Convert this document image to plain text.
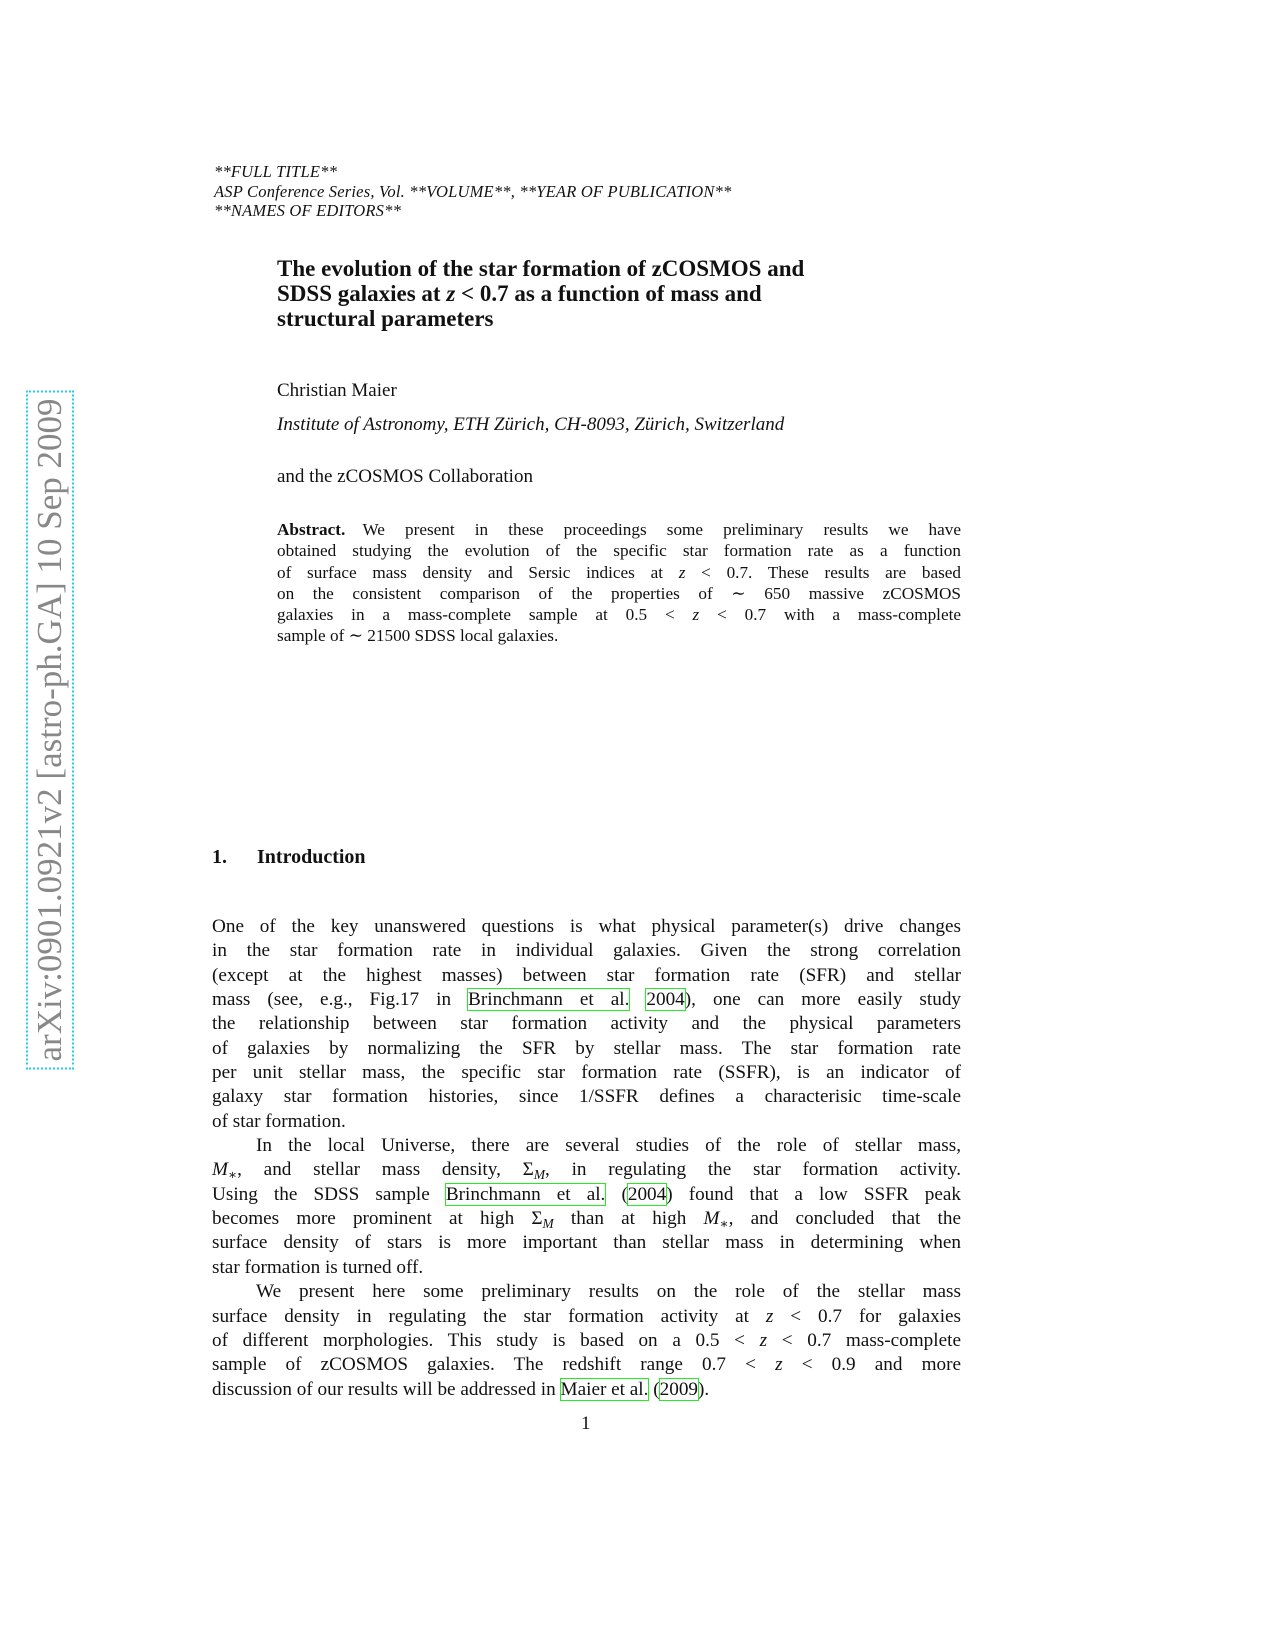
arXiv:0901.0921v2 [astro-ph.GA] 10 Sep 2009
**FULL TITLE**
ASP Conference Series, Vol. **VOLUME**, **YEAR OF PUBLICATION**
**NAMES OF EDITORS**
The evolution of the star formation of zCOSMOS and
SDSS galaxies at z < 0.7 as a function of mass and
structural parameters
Christian Maier
Institute of Astronomy, ETH Zürich, CH-8093, Zürich, Switzerland
and the zCOSMOS Collaboration
Abstract. We present in these proceedings some preliminary results we have
obtained studying the evolution of the specific star formation rate as a function
of surface mass density and Sersic indices at z < 0.7. These results are based
on the consistent comparison of the properties of ∼ 650 massive zCOSMOS
galaxies in a mass-complete sample at 0.5 < z < 0.7 with a mass-complete
sample of ∼ 21500 SDSS local galaxies.
1. Introduction
One of the key unanswered questions is what physical parameter(s) drive changes
in the star formation rate in individual galaxies. Given the strong correlation
(except at the highest masses) between star formation rate (SFR) and stellar
mass (see, e.g., Fig.17 in Brinchmann et al. 2004), one can more easily study
the relationship between star formation activity and the physical parameters
of galaxies by normalizing the SFR by stellar mass. The star formation rate
per unit stellar mass, the specific star formation rate (SSFR), is an indicator of
galaxy star formation histories, since 1/SSFR defines a characterisic time-scale
of star formation.
In the local Universe, there are several studies of the role of stellar mass,
$M_∗$, and stellar mass density, $\Sigma_M$, in regulating the star formation activity.
Using the SDSS sample Brinchmann et al. (2004) found that a low SSFR peak
becomes more prominent at high $\Sigma_M$ than at high $M_∗$, and concluded that the
surface density of stars is more important than stellar mass in determining when
star formation is turned off.
We present here some preliminary results on the role of the stellar mass
surface density in regulating the star formation activity at z < 0.7 for galaxies
of different morphologies. This study is based on a 0.5 < z < 0.7 mass-complete
sample of zCOSMOS galaxies. The redshift range 0.7 < z < 0.9 and more
discussion of our results will be addressed in Maier et al. (2009).
1
